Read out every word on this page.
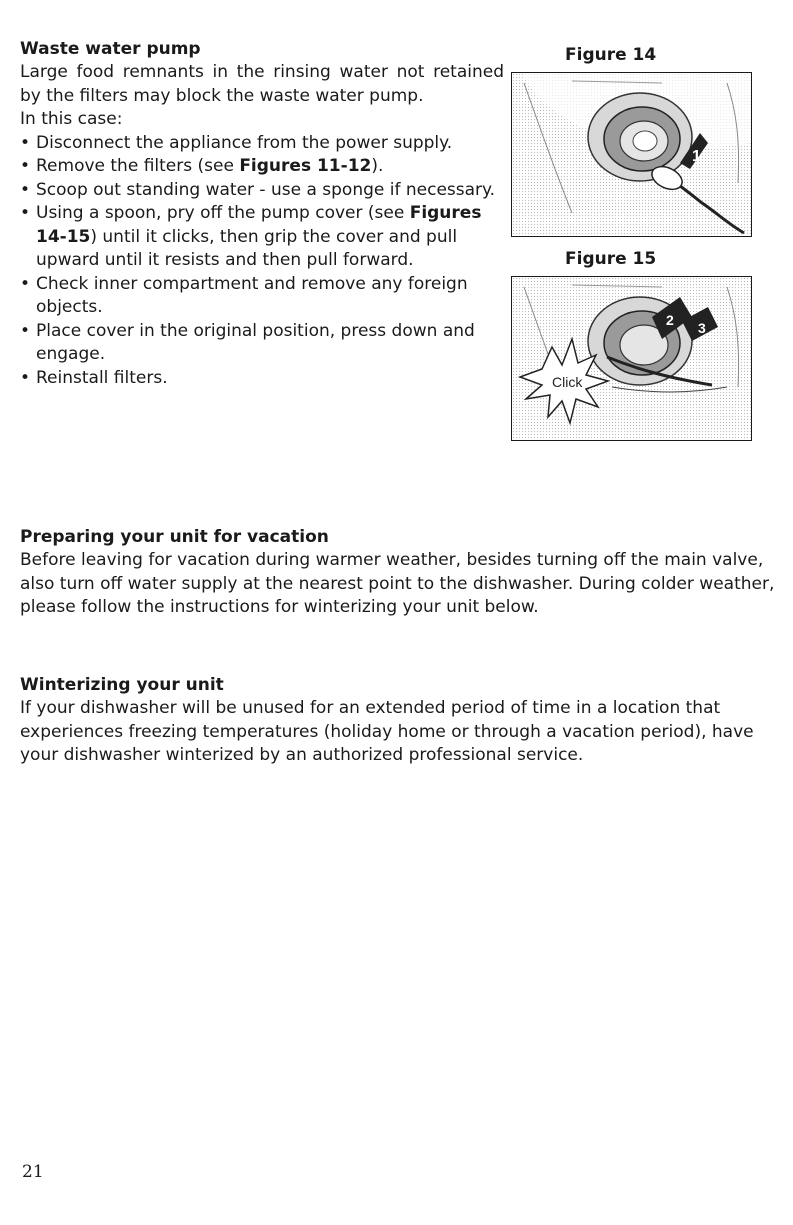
Waste water pump

Large food remnants in the rinsing water not retained by the filters may block the waste water pump.

In this case:

• Disconnect the appliance from the power supply.
• Remove the filters (see Figures 11-12).
• Scoop out standing water - use a sponge if necessary.
• Using a spoon, pry off the pump cover (see Figures 14-15) until it clicks, then grip the cover and pull upward until it resists and then pull forward.
• Check inner compartment and remove any foreign objects.
• Place cover in the original position, press down and engage.
• Reinstall filters.
Figure 14
1
Figure 15
2 3
Click
Preparing your unit for vacation

Before leaving for vacation during warmer weather, besides turning off the main valve, also turn off water supply at the nearest point to the dishwasher. During colder weather, please follow the instructions for winterizing your unit below.

Winterizing your unit

If your dishwasher will be unused for an extended period of time in a location that experiences freezing temperatures (holiday home or through a vacation period), have your dishwasher winterized by an authorized professional service.

21
